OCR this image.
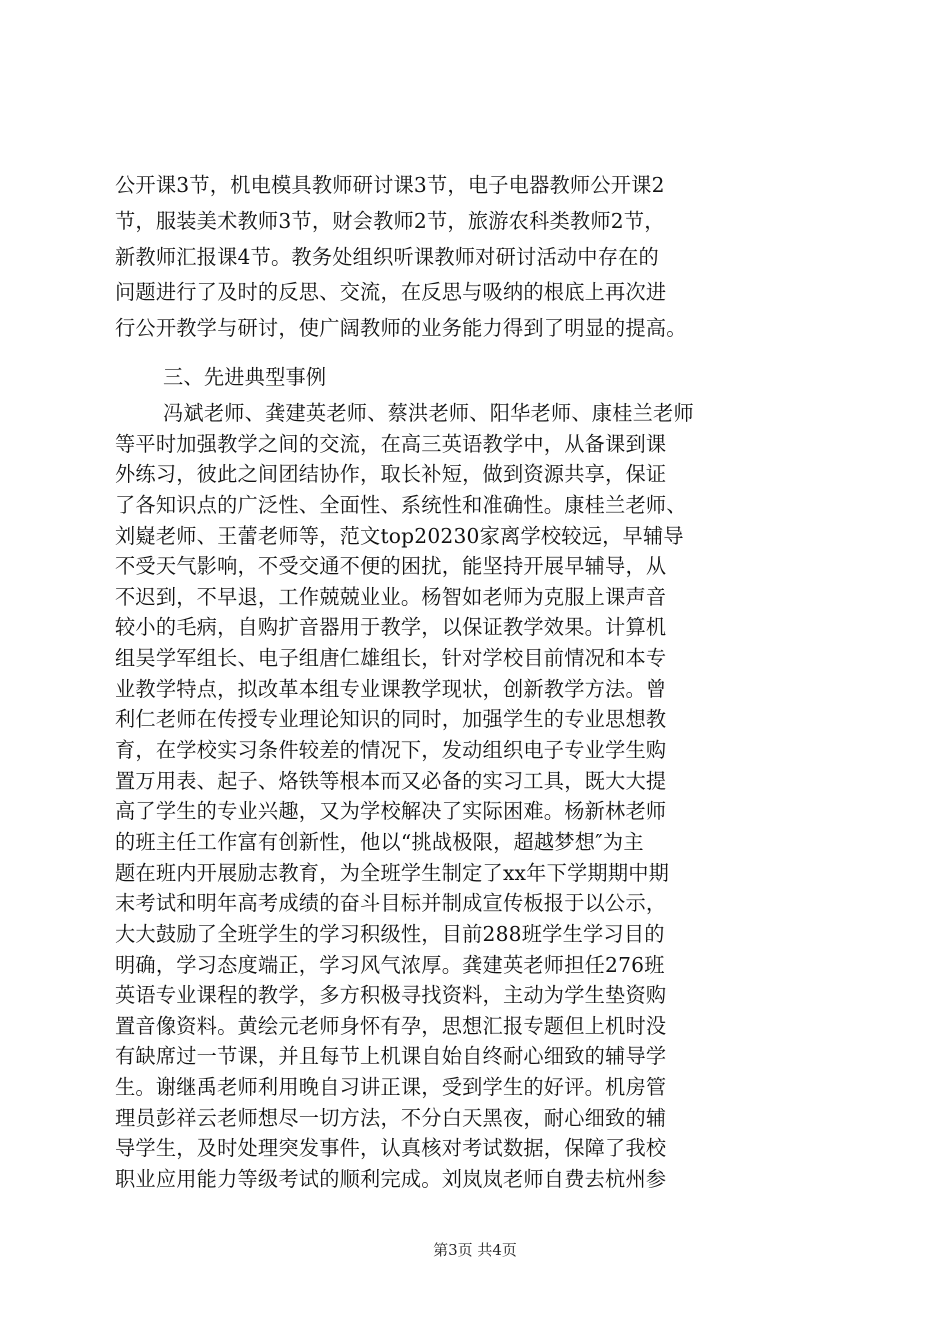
公开课3节，机电模具教师研讨课3节，电子电器教师公开课2
节，服装美术教师3节，财会教师2节，旅游农科类教师2节，
新教师汇报课4节。教务处组织听课教师对研讨活动中存在的
问题进行了及时的反思、交流，在反思与吸纳的根底上再次进
行公开教学与研讨，使广阔教师的业务能力得到了明显的提高。
三、先进典型事例
冯斌老师、龚建英老师、蔡洪老师、阳华老师、康桂兰老师
等平时加强教学之间的交流，在高三英语教学中，从备课到课
外练习，彼此之间团结协作，取长补短，做到资源共享，保证
了各知识点的广泛性、全面性、系统性和准确性。康桂兰老师、
刘嶷老师、王蕾老师等，范文top20230家离学校较远，早辅导
不受天气影响，不受交通不便的困扰，能坚持开展早辅导，从
不迟到，不早退，工作兢兢业业。杨智如老师为克服上课声音
较小的毛病，自购扩音器用于教学，以保证教学效果。计算机
组吴学军组长、电子组唐仁雄组长，针对学校目前情况和本专
业教学特点，拟改革本组专业课教学现状，创新教学方法。曾
利仁老师在传授专业理论知识的同时，加强学生的专业思想教
育，在学校实习条件较差的情况下，发动组织电子专业学生购
置万用表、起子、烙铁等根本而又必备的实习工具，既大大提
高了学生的专业兴趣，又为学校解决了实际困难。杨新林老师
的班主任工作富有创新性，他以“挑战极限，超越梦想″为主
题在班内开展励志教育，为全班学生制定了xx年下学期期中期
末考试和明年高考成绩的奋斗目标并制成宣传板报于以公示，
大大鼓励了全班学生的学习积级性，目前288班学生学习目的
明确，学习态度端正，学习风气浓厚。龚建英老师担任276班
英语专业课程的教学，多方积极寻找资料，主动为学生垫资购
置音像资料。黄绘元老师身怀有孕，思想汇报专题但上机时没
有缺席过一节课，并且每节上机课自始自终耐心细致的辅导学
生。谢继禹老师利用晚自习讲正课，受到学生的好评。机房管
理员彭祥云老师想尽一切方法，不分白天黑夜，耐心细致的辅
导学生，及时处理突发事件，认真核对考试数据，保障了我校
职业应用能力等级考试的顺利完成。刘岚岚老师自费去杭州参
第3页 共4页
